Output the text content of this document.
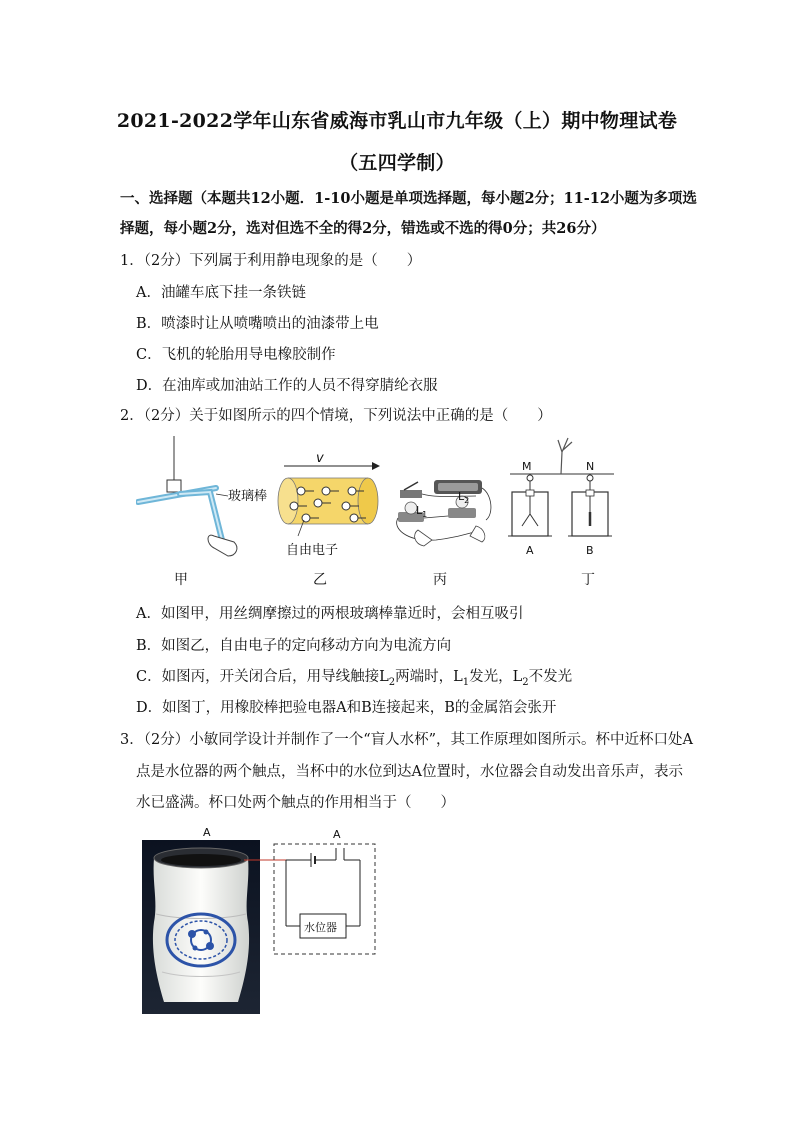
2021-2022学年山东省威海市乳山市九年级（上）期中物理试卷
（五四学制）
一、选择题（本题共12小题．1-10小题是单项选择题，每小题2分；11-12小题为多项选
择题，每小题2分，选对但选不全的得2分，错选或不选的得0分；共26分）
1．（2分）下列属于利用静电现象的是（　　）
A．油罐车底下挂一条铁链
B．喷漆时让从喷嘴喷出的油漆带上电
C．飞机的轮胎用导电橡胶制作
D．在油库或加油站工作的人员不得穿腈纶衣服
2．（2分）关于如图所示的四个情境，下列说法中正确的是（　　）
玻璃棒
v
自由电子
$L_1$
$L_2$
M	N
A	B
甲	乙	丙	丁
A．如图甲，用丝绸摩擦过的两根玻璃棒靠近时，会相互吸引
B．如图乙，自由电子的定向移动方向为电流方向
C．如图丙，开关闭合后，用导线触接$L_2$两端时，$L_1$发光，$L_2$不发光
D．如图丁，用橡胶棒把验电器A和B连接起来，B的金属箔会张开
3．（2分）小敏同学设计并制作了一个“盲人水杯”，其工作原理如图所示。杯中近杯口处A
点是水位器的两个触点，当杯中的水位到达A位置时，水位器会自动发出音乐声，表示
水已盛满。杯口处两个触点的作用相当于（　　）
A	A
水位器
